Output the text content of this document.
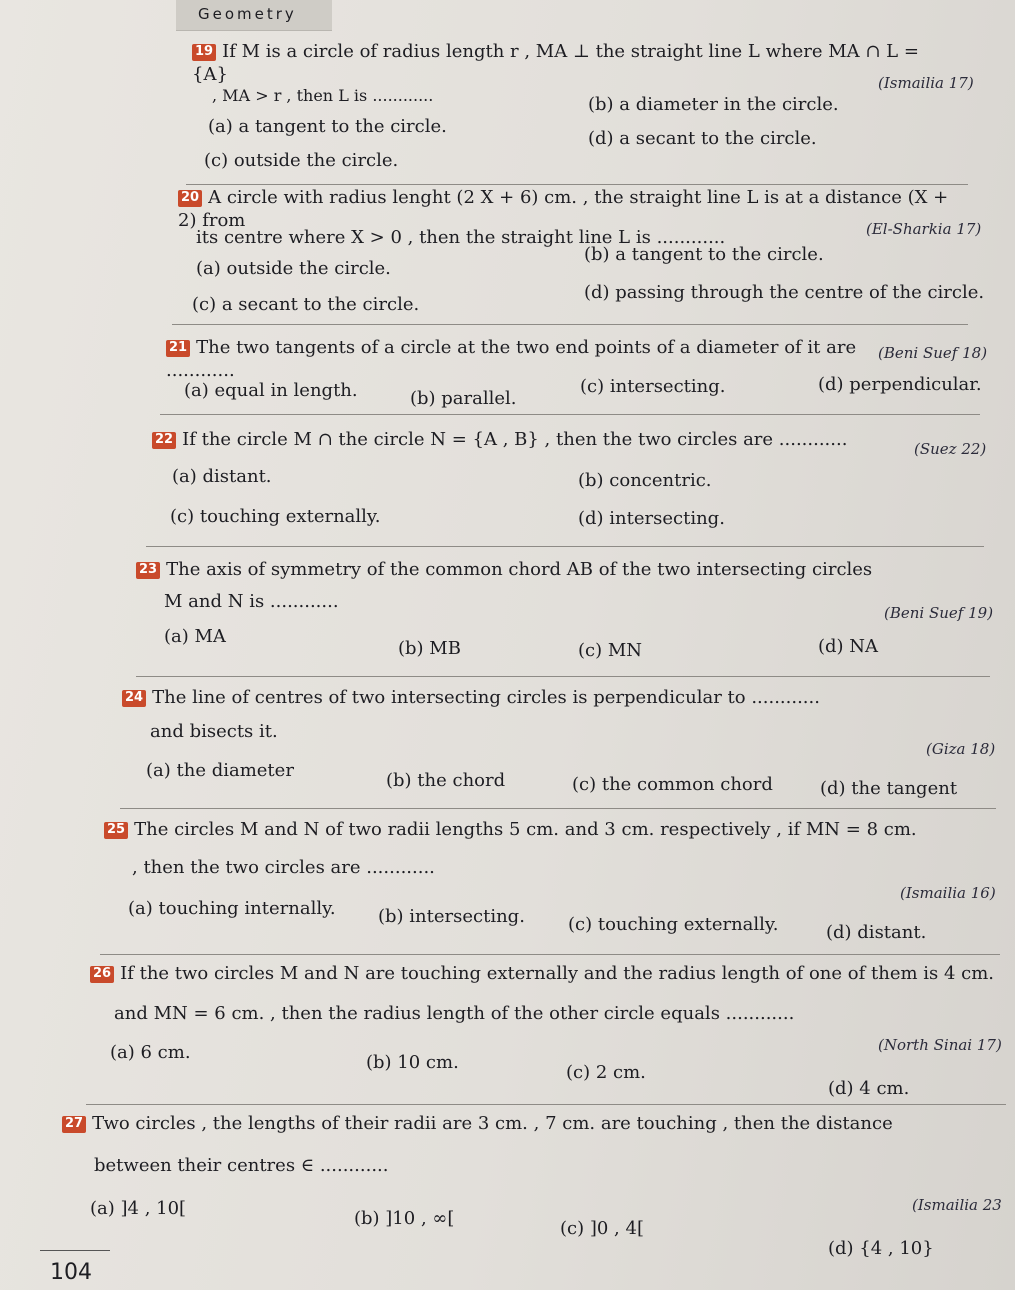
Geometry
19 If M is a circle of radius length r , MA ⊥ the straight line L where MA ∩ L = {A}
, MA > r , then L is ............
(Ismailia 17)
(a) a tangent to the circle.
(b) a diameter in the circle.
(c) outside the circle.
(d) a secant to the circle.
20 A circle with radius lenght (2 X + 6) cm. , the straight line L is at a distance (X + 2) from
its centre where X > 0 , then the straight line L is ............	(El-Sharkia 17)
(a) outside the circle.
(b) a tangent to the circle.
(c) a secant to the circle.
(d) passing through the centre of the circle.
21 The two tangents of a circle at the two end points of a diameter of it are ............
(Beni Suef 18)
(a) equal in length.	(b) parallel.
(c) intersecting.	(d) perpendicular.
22 If the circle M ∩ the circle N = {A , B} , then the two circles are ............	(Suez 22)
(a) distant.	(b) concentric.
(c) touching externally.	(d) intersecting.
23 The axis of symmetry of the common chord AB of the two intersecting circles
M and N is ............
(Beni Suef 19)
(a) MA
(b) MB	(c) MN	(d) NA
24 The line of centres of two intersecting circles is perpendicular to ............
and bisects it.
(Giza 18)
(a) the diameter	(b) the chord	(c) the common chord	(d) the tangent
25 The circles M and N of two radii lengths 5 cm. and 3 cm. respectively , if MN = 8 cm.
, then the two circles are ............
(Ismailia 16)
(a) touching internally. (b) intersecting. (c) touching externally.	(d) distant.
26 If the two circles M and N are touching externally and the radius length of one of them is 4 cm.
and MN = 6 cm. , then the radius length of the other circle equals ............
(North Sinai 17)
(a) 6 cm.	(b) 10 cm.	(c) 2 cm.
(d) 4 cm.
27 Two circles , the lengths of their radii are 3 cm. , 7 cm. are touching , then the distance
between their centres ∈ ............
(Ismailia 23
(a) ]4 , 10[	(b) ]10 , ∞[	(c) ]0 , 4[
(d) {4 , 10}
104
